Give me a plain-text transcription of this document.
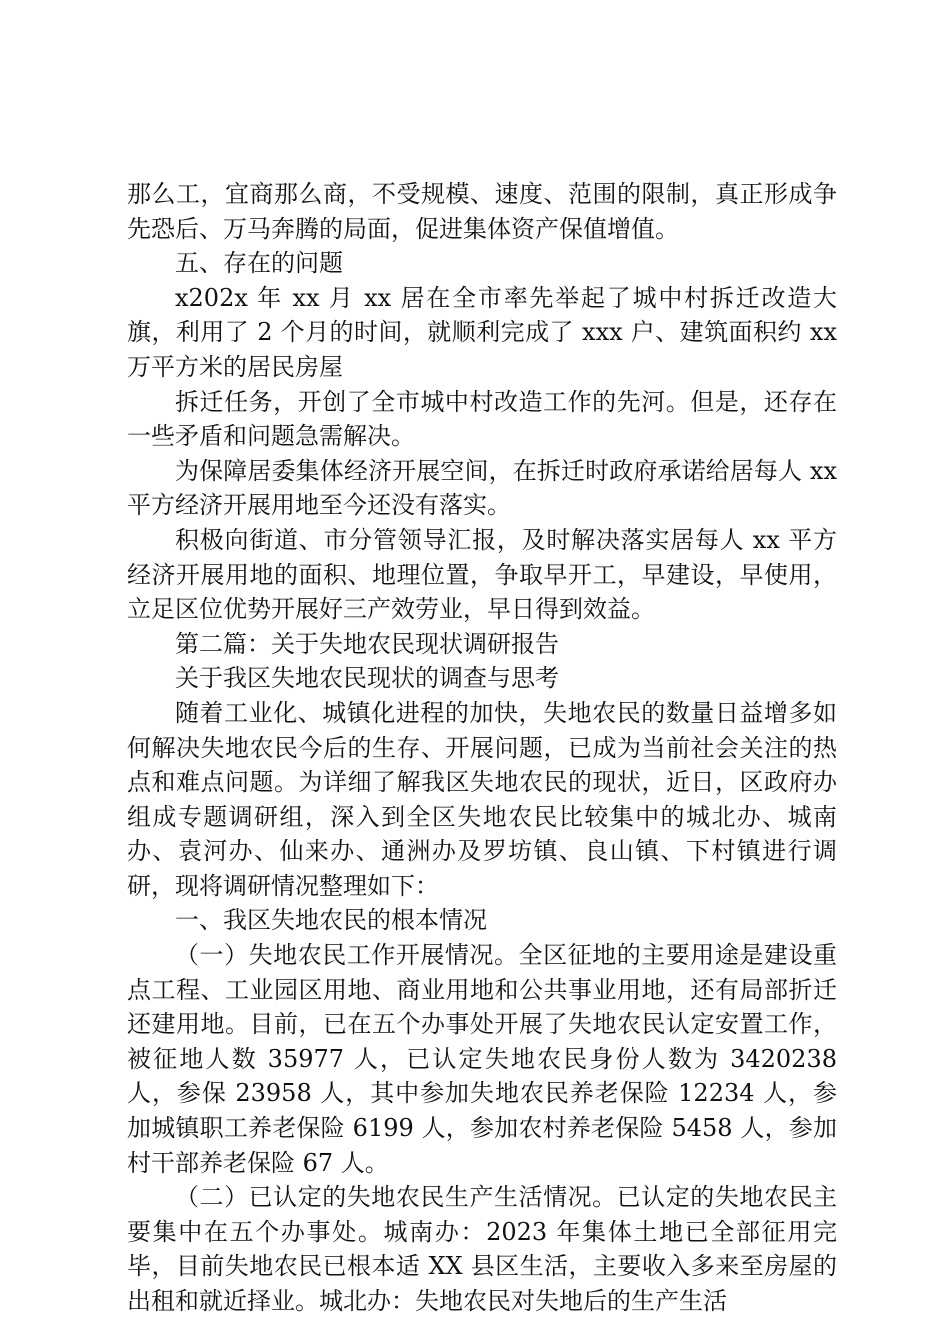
那么工，宜商那么商，不受规模、速度、范围的限制，真正形成争先恐后、万马奔腾的局面，促进集体资产保值增值。

五、存在的问题

x202x 年 xx 月 xx 居在全市率先举起了城中村拆迁改造大旗，利用了 2 个月的时间，就顺利完成了 xxx 户、建筑面积约 xx 万平方米的居民房屋

拆迁任务，开创了全市城中村改造工作的先河。但是，还存在一些矛盾和问题急需解决。

为保障居委集体经济开展空间，在拆迁时政府承诺给居每人 xx 平方经济开展用地至今还没有落实。

积极向街道、市分管领导汇报，及时解决落实居每人 xx 平方经济开展用地的面积、地理位置，争取早开工，早建设，早使用，立足区位优势开展好三产效劳业，早日得到效益。

第二篇：关于失地农民现状调研报告

关于我区失地农民现状的调查与思考

随着工业化、城镇化进程的加快，失地农民的数量日益增多如何解决失地农民今后的生存、开展问题，已成为当前社会关注的热点和难点问题。为详细了解我区失地农民的现状，近日，区政府办组成专题调研组，深入到全区失地农民比较集中的城北办、城南办、袁河办、仙来办、通洲办及罗坊镇、良山镇、下村镇进行调研，现将调研情况整理如下：

一、我区失地农民的根本情况

（一）失地农民工作开展情况。全区征地的主要用途是建设重点工程、工业园区用地、商业用地和公共事业用地，还有局部折迁还建用地。目前，已在五个办事处开展了失地农民认定安置工作，被征地人数 35977 人，已认定失地农民身份人数为 3420238 人，参保 23958 人，其中参加失地农民养老保险 12234 人，参加城镇职工养老保险 6199 人，参加农村养老保险 5458 人，参加村干部养老保险 67 人。

（二）已认定的失地农民生产生活情况。已认定的失地农民主要集中在五个办事处。城南办：2023 年集体土地已全部征用完毕，目前失地农民已根本适 XX 县区生活，主要收入多来至房屋的出租和就近择业。城北办：失地农民对失地后的生产生活
